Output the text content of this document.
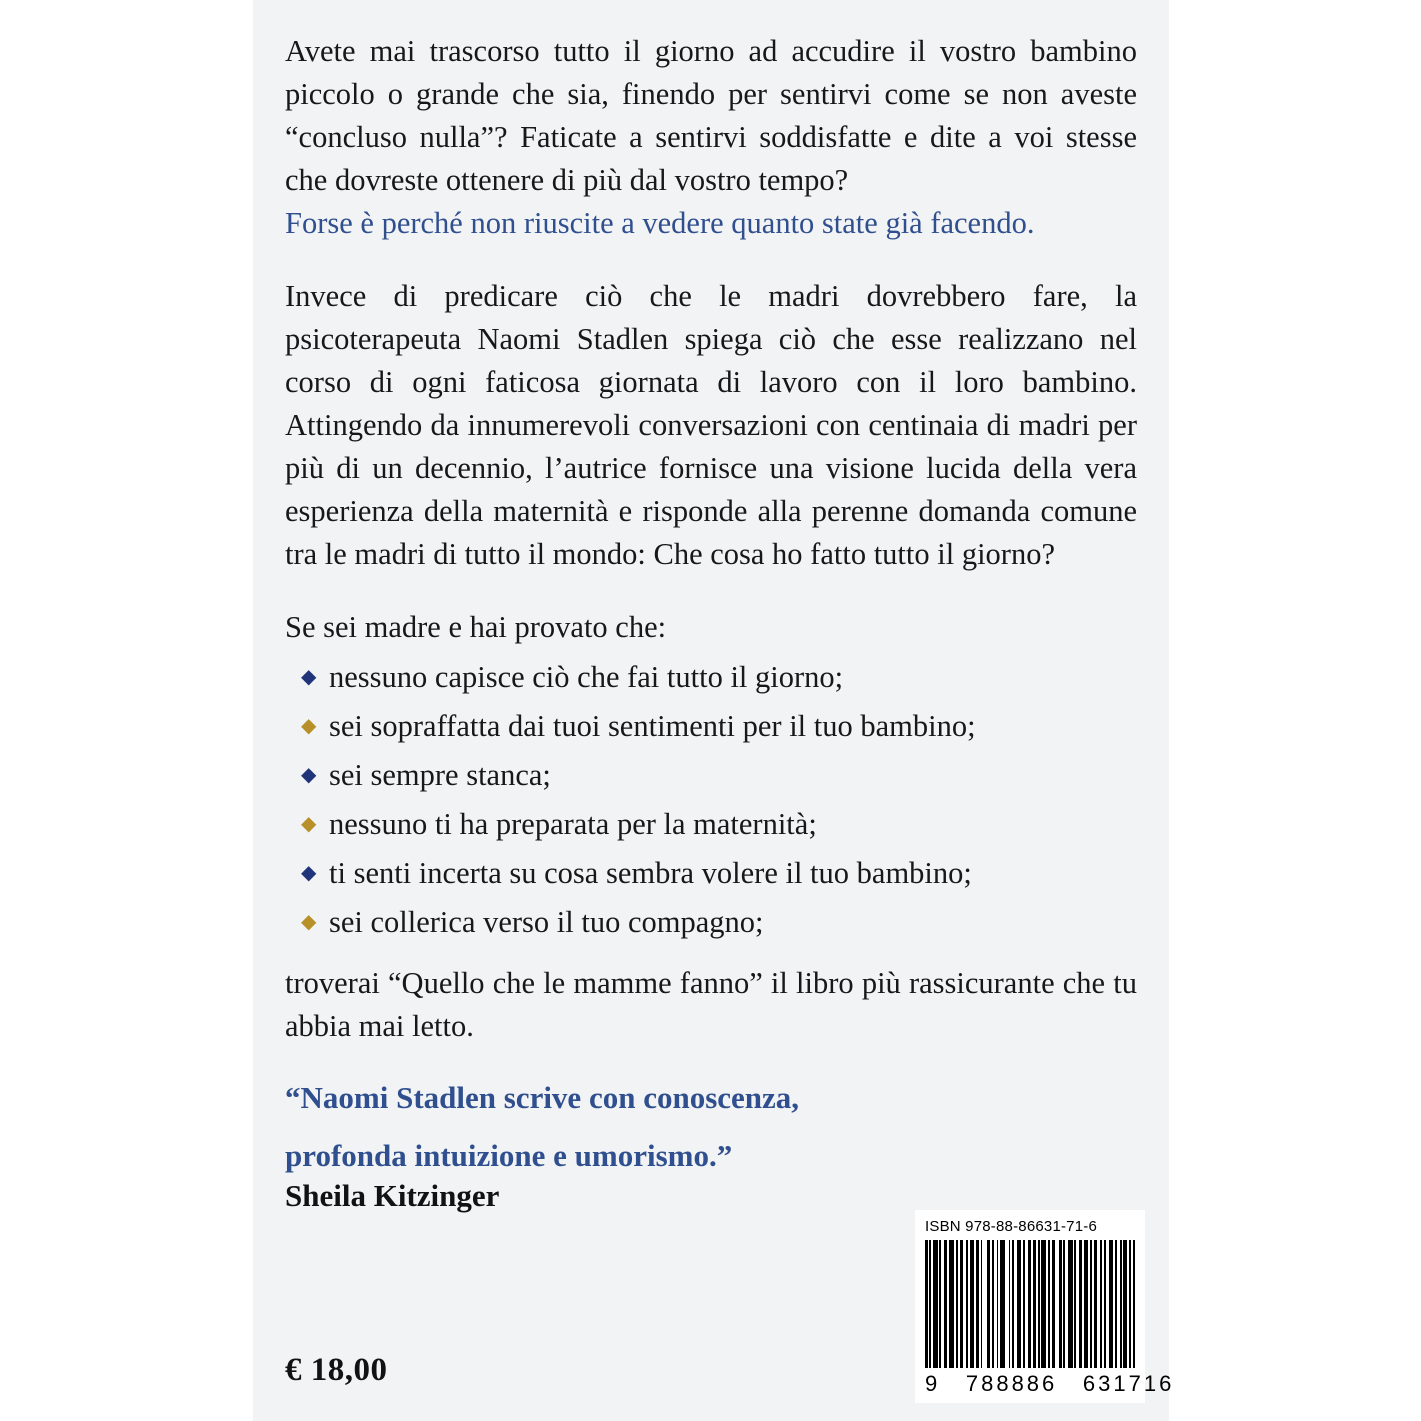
Avete mai trascorso tutto il giorno ad accudire il vostro bambino piccolo o grande che sia, finendo per sentirvi come se non aveste “concluso nulla”? Faticate a sentirvi soddisfatte e dite a voi stesse che dovreste ottenere di più dal vostro tempo?
Forse è perché non riuscite a vedere quanto state già facendo.

Invece di predicare ciò che le madri dovrebbero fare, la psicoterapeuta Naomi Stadlen spiega ciò che esse realizzano nel corso di ogni faticosa giornata di lavoro con il loro bambino. Attingendo da innumerevoli conversazioni con centinaia di madri per più di un decennio, l’autrice fornisce una visione lucida della vera esperienza della maternità e risponde alla perenne domanda comune tra le madri di tutto il mondo: Che cosa ho fatto tutto il giorno?

Se sei madre e hai provato che:

◆ nessuno capisce ciò che fai tutto il giorno;
◆ sei sopraffatta dai tuoi sentimenti per il tuo bambino;
◆ sei sempre stanca;
◆ nessuno ti ha preparata per la maternità;
◆ ti senti incerta su cosa sembra volere il tuo bambino;
◆ sei collerica verso il tuo compagno;

troverai “Quello che le mamme fanno” il libro più rassicurante che tu abbia mai letto.

“Naomi Stadlen scrive con conoscenza,

profonda intuizione e umorismo.”

Sheila Kitzinger

€ 18,00
ISBN 978-88-86631-71-6
9   788886   631716
